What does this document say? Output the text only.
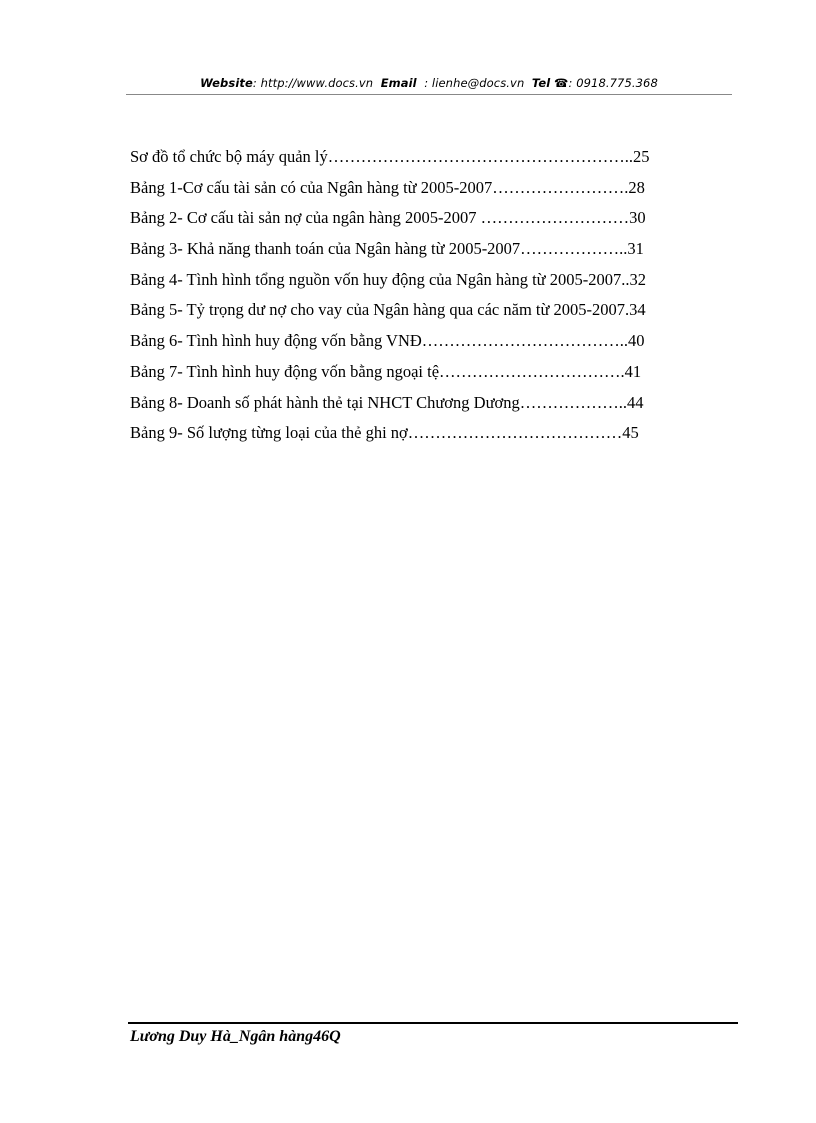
Website: http://www.docs.vn Email : lienhe@docs.vn Tel ☎: 0918.775.368
Sơ đồ tổ chức bộ máy quản lý………………………………………………..25
Bảng 1-Cơ cấu tài sản có của Ngân hàng từ 2005-2007…………………….28
Bảng 2- Cơ cấu tài sản nợ của ngân hàng 2005-2007 ………………………30
Bảng 3- Khả năng thanh toán của Ngân hàng từ 2005-2007………………..31
Bảng 4- Tình hình tổng nguồn vốn huy động của Ngân hàng từ 2005-2007..32
Bảng 5- Tỷ trọng dư nợ cho vay của Ngân hàng qua các năm từ 2005-2007.34
Bảng 6- Tình hình huy động vốn bằng VNĐ………………………………..40
Bảng 7- Tình hình huy động vốn bằng ngoại tệ…………………………….41
Bảng 8- Doanh số phát hành thẻ tại NHCT Chương Dương………………..44
Bảng 9- Số lượng từng loại của thẻ ghi nợ…………………………………45
Lương Duy Hà_Ngân hàng46Q
